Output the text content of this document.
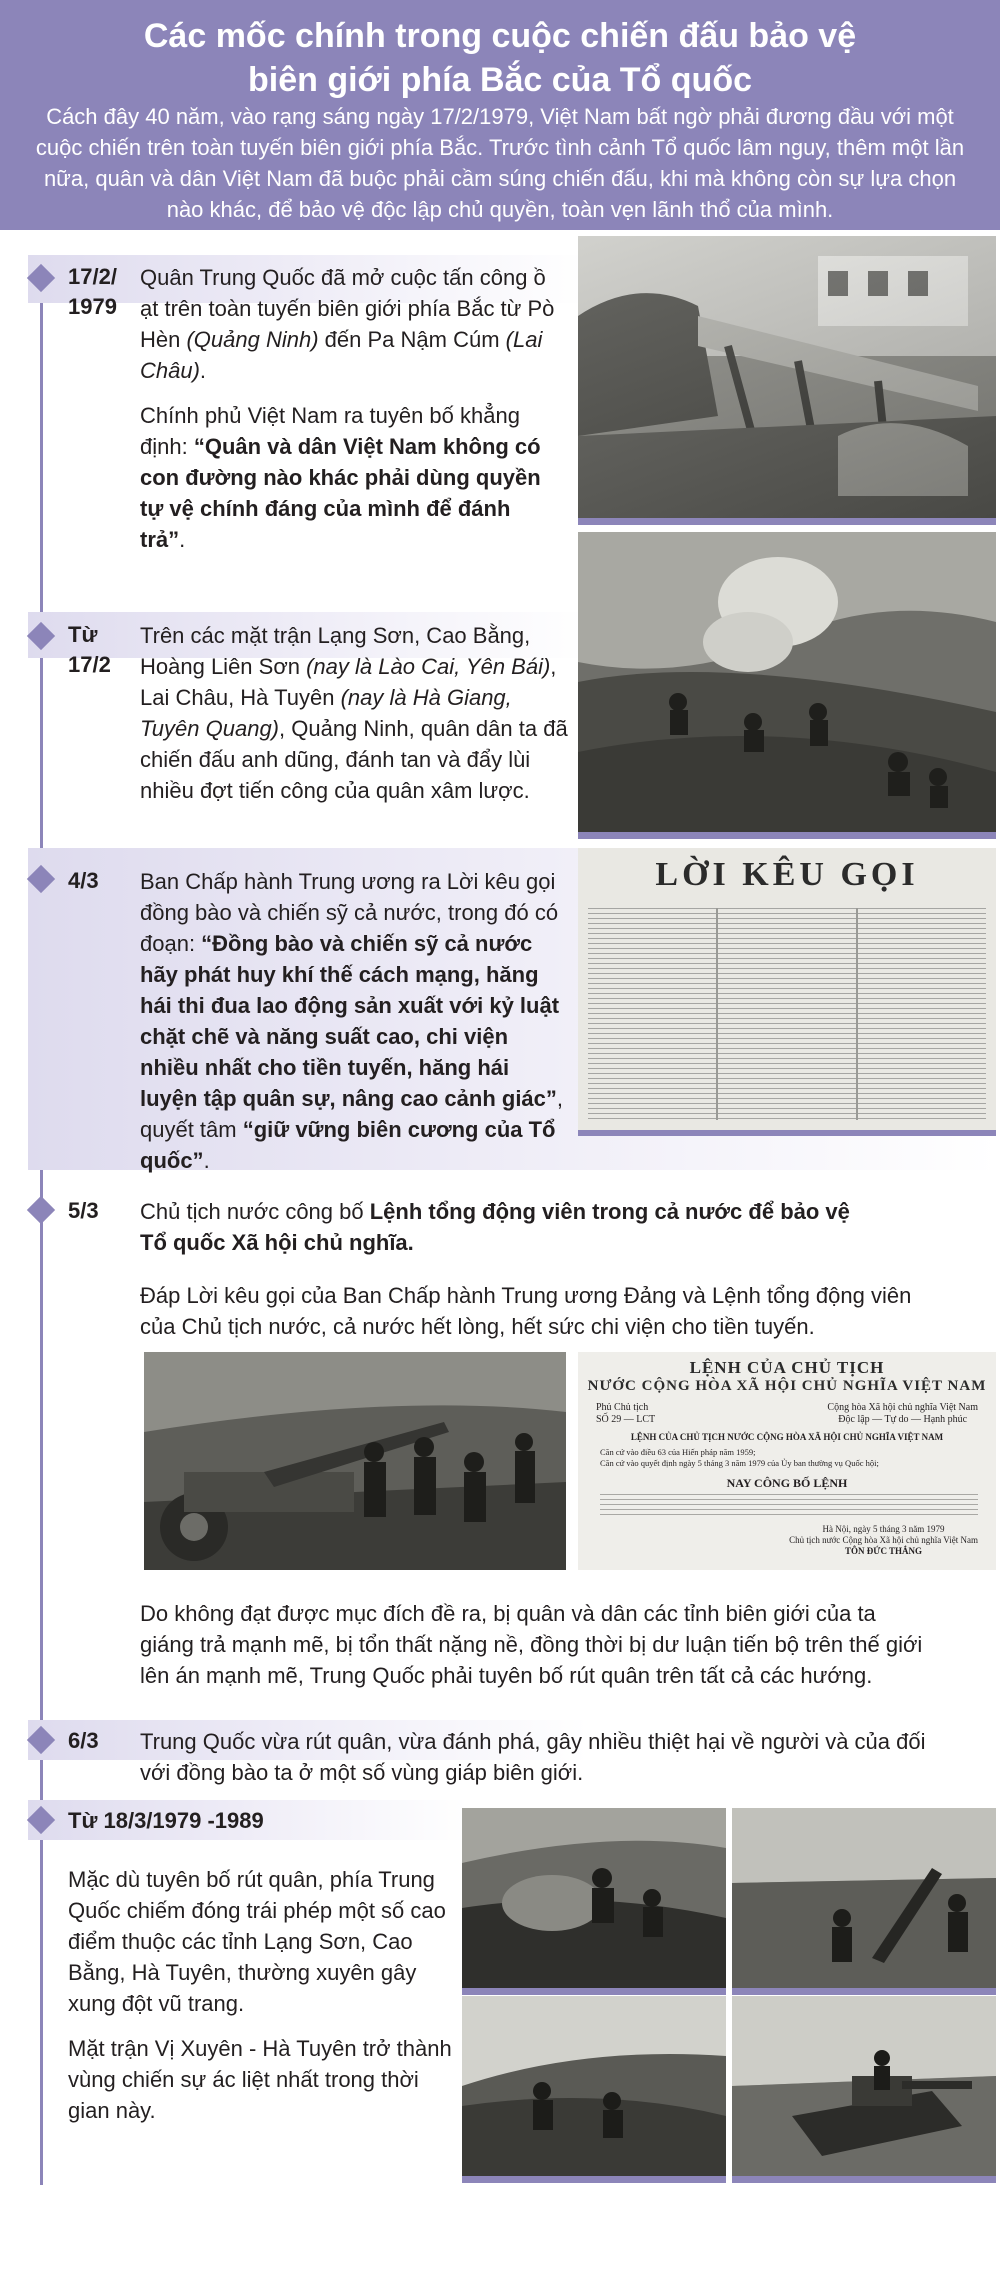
Các mốc chính trong cuộc chiến đấu bảo vệ
biên giới phía Bắc của Tổ quốc

Cách đây 40 năm, vào rạng sáng ngày 17/2/1979, Việt Nam bất ngờ phải đương đầu với một cuộc chiến trên toàn tuyến biên giới phía Bắc. Trước tình cảnh Tổ quốc lâm nguy, thêm một lần nữa, quân và dân Việt Nam đã buộc phải cầm súng chiến đấu, khi mà không còn sự lựa chọn nào khác, để bảo vệ độc lập chủ quyền, toàn vẹn lãnh thổ của mình.

17/2/
1979

Quân Trung Quốc đã mở cuộc tấn công ồ ạt trên toàn tuyến biên giới phía Bắc từ Pò Hèn (Quảng Ninh) đến Pa Nậm Cúm (Lai Châu).

Chính phủ Việt Nam ra tuyên bố khẳng định: “Quân và dân Việt Nam không có con đường nào khác phải dùng quyền tự vệ chính đáng của mình để đánh trả”.

Từ
17/2

Trên các mặt trận Lạng Sơn, Cao Bằng, Hoàng Liên Sơn (nay là Lào Cai, Yên Bái), Lai Châu, Hà Tuyên (nay là Hà Giang, Tuyên Quang), Quảng Ninh, quân dân ta đã chiến đấu anh dũng, đánh tan và đẩy lùi nhiều đợt tiến công của quân xâm lược.

4/3 Ban Chấp hành Trung ương ra Lời kêu gọi đồng bào và chiến sỹ cả nước, trong đó có đoạn: “Đồng bào và chiến sỹ cả nước hãy phát huy khí thế cách mạng, hăng hái thi đua lao động sản xuất với kỷ luật chặt chẽ và năng suất cao, chi viện nhiều nhất cho tiền tuyến, hăng hái luyện tập quân sự, nâng cao cảnh giác”, quyết tâm “giữ vững biên cương của Tổ quốc”.

LỜI KÊU GỌI
5/3 Chủ tịch nước công bố Lệnh tổng động viên trong cả nước để bảo vệ Tổ quốc Xã hội chủ nghĩa.

Đáp Lời kêu gọi của Ban Chấp hành Trung ương Đảng và Lệnh tổng động viên của Chủ tịch nước, cả nước hết lòng, hết sức chi viện cho tiền tuyến.
LỆNH CỦA CHỦ TỊCH
NƯỚC CỘNG HÒA XÃ HỘI CHỦ NGHĨA VIỆT NAM
Phủ Chủ tịch
SỐ 29 — LCT
Cộng hòa Xã hội chủ nghĩa Việt Nam
Độc lập — Tự do — Hạnh phúc
LỆNH CỦA CHỦ TỊCH NƯỚC CỘNG HÒA XÃ HỘI CHỦ NGHĨA VIỆT NAM
Căn cứ vào điều 63 của Hiến pháp năm 1959;
Căn cứ vào quyết định ngày 5 tháng 3 năm 1979 của Ủy ban thường vụ Quốc hội;
NAY CÔNG BỐ LỆNH
Hà Nội, ngày 5 tháng 3 năm 1979
Chủ tịch nước Cộng hòa Xã hội chủ nghĩa Việt Nam
TÔN ĐỨC THẮNG
Do không đạt được mục đích đề ra, bị quân và dân các tỉnh biên giới của ta giáng trả mạnh mẽ, bị tổn thất nặng nề, đồng thời bị dư luận tiến bộ trên thế giới lên án mạnh mẽ, Trung Quốc phải tuyên bố rút quân trên tất cả các hướng.
6/3 Trung Quốc vừa rút quân, vừa đánh phá, gây nhiều thiệt hại về người và của đối với đồng bào ta ở một số vùng giáp biên giới.
Từ 18/3/1979 -1989

Mặc dù tuyên bố rút quân, phía Trung Quốc chiếm đóng trái phép một số cao điểm thuộc các tỉnh Lạng Sơn, Cao Bằng, Hà Tuyên, thường xuyên gây xung đột vũ trang.

Mặt trận Vị Xuyên - Hà Tuyên trở thành vùng chiến sự ác liệt nhất trong thời gian này.
